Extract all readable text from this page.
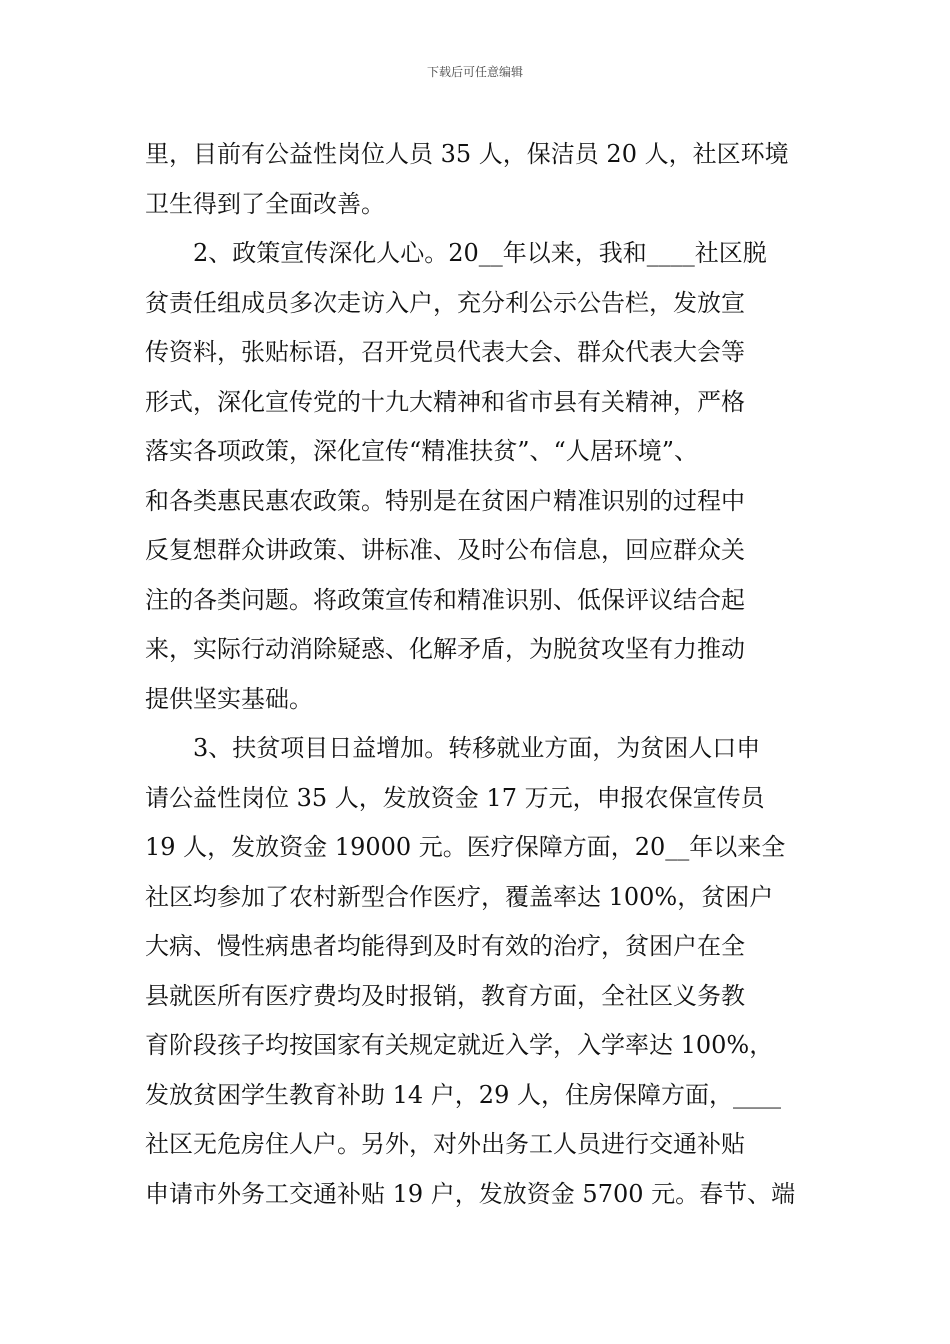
下载后可任意编辑
里，目前有公益性岗位人员 35 人，保洁员 20 人，社区环境
卫生得到了全面改善。
　　2、政策宣传深化人心。20__年以来，我和____社区脱
贫责任组成员多次走访入户，充分利公示公告栏，发放宣
传资料，张贴标语，召开党员代表大会、群众代表大会等
形式，深化宣传党的十九大精神和省市县有关精神，严格
落实各项政策，深化宣传“精准扶贫”、“人居环境”、
和各类惠民惠农政策。特别是在贫困户精准识别的过程中
反复想群众讲政策、讲标准、及时公布信息，回应群众关
注的各类问题。将政策宣传和精准识别、低保评议结合起
来，实际行动消除疑惑、化解矛盾，为脱贫攻坚有力推动
提供坚实基础。
　　3、扶贫项目日益增加。转移就业方面，为贫困人口申
请公益性岗位 35 人，发放资金 17 万元，申报农保宣传员
19 人，发放资金 19000 元。医疗保障方面，20__年以来全
社区均参加了农村新型合作医疗，覆盖率达 100%，贫困户
大病、慢性病患者均能得到及时有效的治疗，贫困户在全
县就医所有医疗费均及时报销，教育方面，全社区义务教
育阶段孩子均按国家有关规定就近入学，入学率达 100%，
发放贫困学生教育补助 14 户，29 人，住房保障方面，____
社区无危房住人户。另外，对外出务工人员进行交通补贴
申请市外务工交通补贴 19 户，发放资金 5700 元。春节、端
